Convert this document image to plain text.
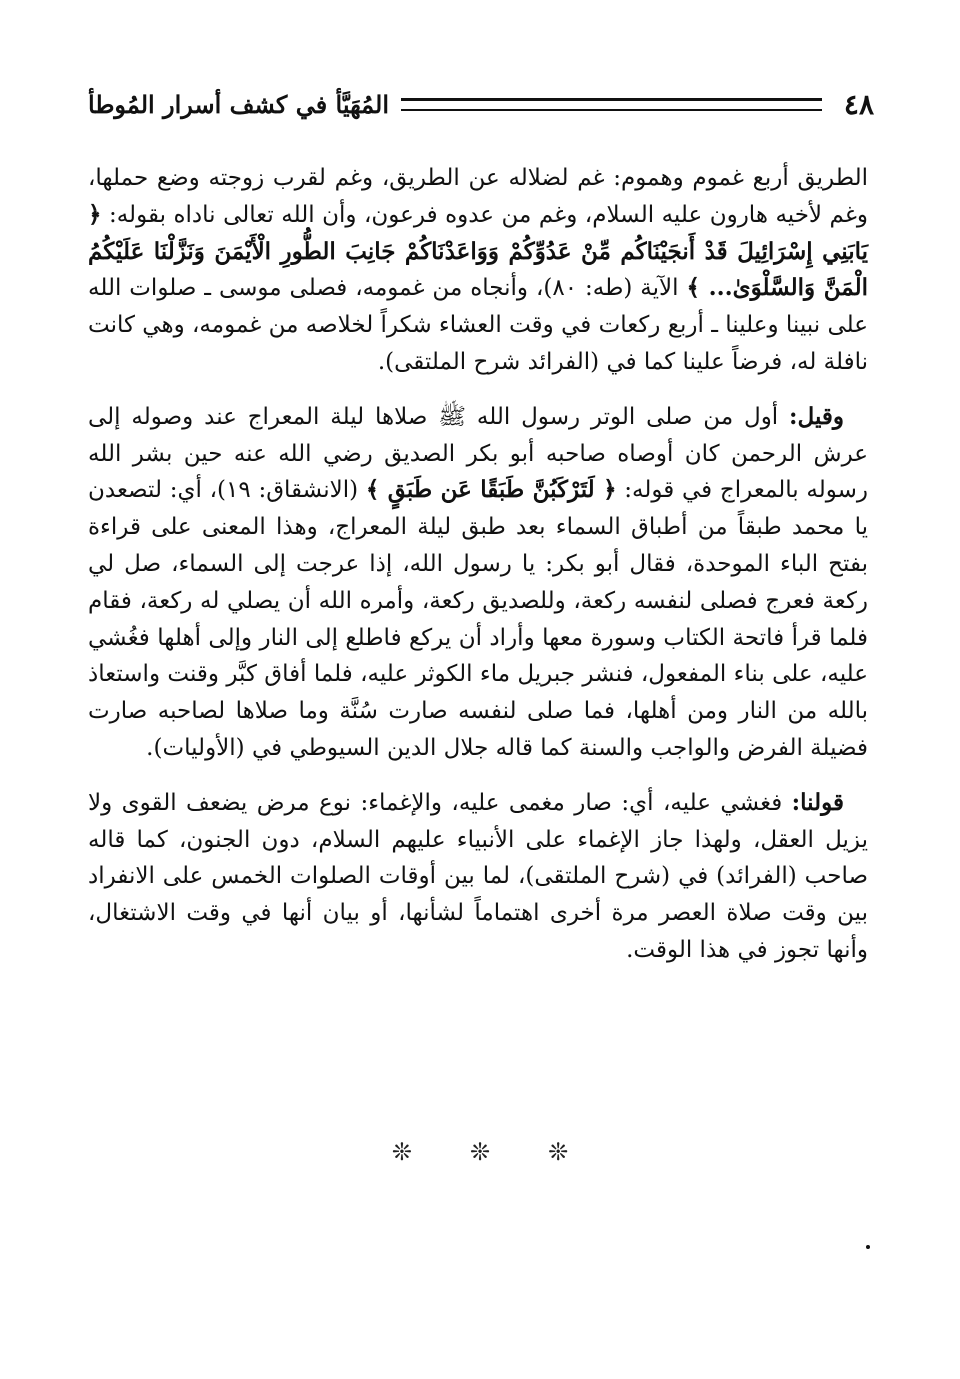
٤٨
المُهَيَّأ في كشف أسرار المُوطأ

الطريق أربع غموم وهموم: غم لضلاله عن الطريق، وغم لقرب زوجته وضع حملها، وغم لأخيه هارون عليه السلام، وغم من عدوه فرعون، وأن الله تعالى ناداه بقوله: ﴿ يَابَنِي إِسْرَائِيلَ قَدْ أَنجَيْنَاكُم مِّنْ عَدُوِّكُمْ وَوَاعَدْنَاكُمْ جَانِبَ الطُّورِ الْأَيْمَنَ وَنَزَّلْنَا عَلَيْكُمُ الْمَنَّ وَالسَّلْوَىٰ... ﴾ الآية (طه: ٨٠)، وأنجاه من غمومه، فصلى موسى ـ صلوات الله على نبينا وعلينا ـ أربع ركعات في وقت العشاء شكراً لخلاصه من غمومه، وهي كانت نافلة له، فرضاً علينا كما في (الفرائد شرح الملتقى).

وقيل: أول من صلى الوتر رسول الله ﷺ صلاها ليلة المعراج عند وصوله إلى عرش الرحمن كان أوصاه صاحبه أبو بكر الصديق رضي الله عنه حين بشر الله رسوله بالمعراج في قوله: ﴿ لَتَرْكَبُنَّ طَبَقًا عَن طَبَقٍ ﴾ (الانشقاق: ١٩)، أي: لتصعدن يا محمد طبقاً من أطباق السماء بعد طبق ليلة المعراج، وهذا المعنى على قراءة بفتح الباء الموحدة، فقال أبو بكر: يا رسول الله، إذا عرجت إلى السماء، صل لي ركعة فعرج فصلى لنفسه ركعة، وللصديق ركعة، وأمره الله أن يصلي له ركعة، فقام فلما قرأ فاتحة الكتاب وسورة معها وأراد أن يركع فاطلع إلى النار وإلى أهلها فغُشي عليه، على بناء المفعول، فنشر جبريل ماء الكوثر عليه، فلما أفاق كبَّر وقنت واستعاذ بالله من النار ومن أهلها، فما صلى لنفسه صارت سُنَّة وما صلاها لصاحبه صارت فضيلة الفرض والواجب والسنة كما قاله جلال الدين السيوطي في (الأوليات).

قولنا: فغشي عليه، أي: صار مغمى عليه، والإغماء: نوع مرض يضعف القوى ولا يزيل العقل، ولهذا جاز الإغماء على الأنبياء عليهم السلام، دون الجنون، كما قاله صاحب (الفرائد) في (شرح الملتقى)، لما بين أوقات الصلوات الخمس على الانفراد بين وقت صلاة العصر مرة أخرى اهتماماً لشأنها، أو بيان أنها في وقت الاشتغال، وأنها تجوز في هذا الوقت.

❊
❊
❊
